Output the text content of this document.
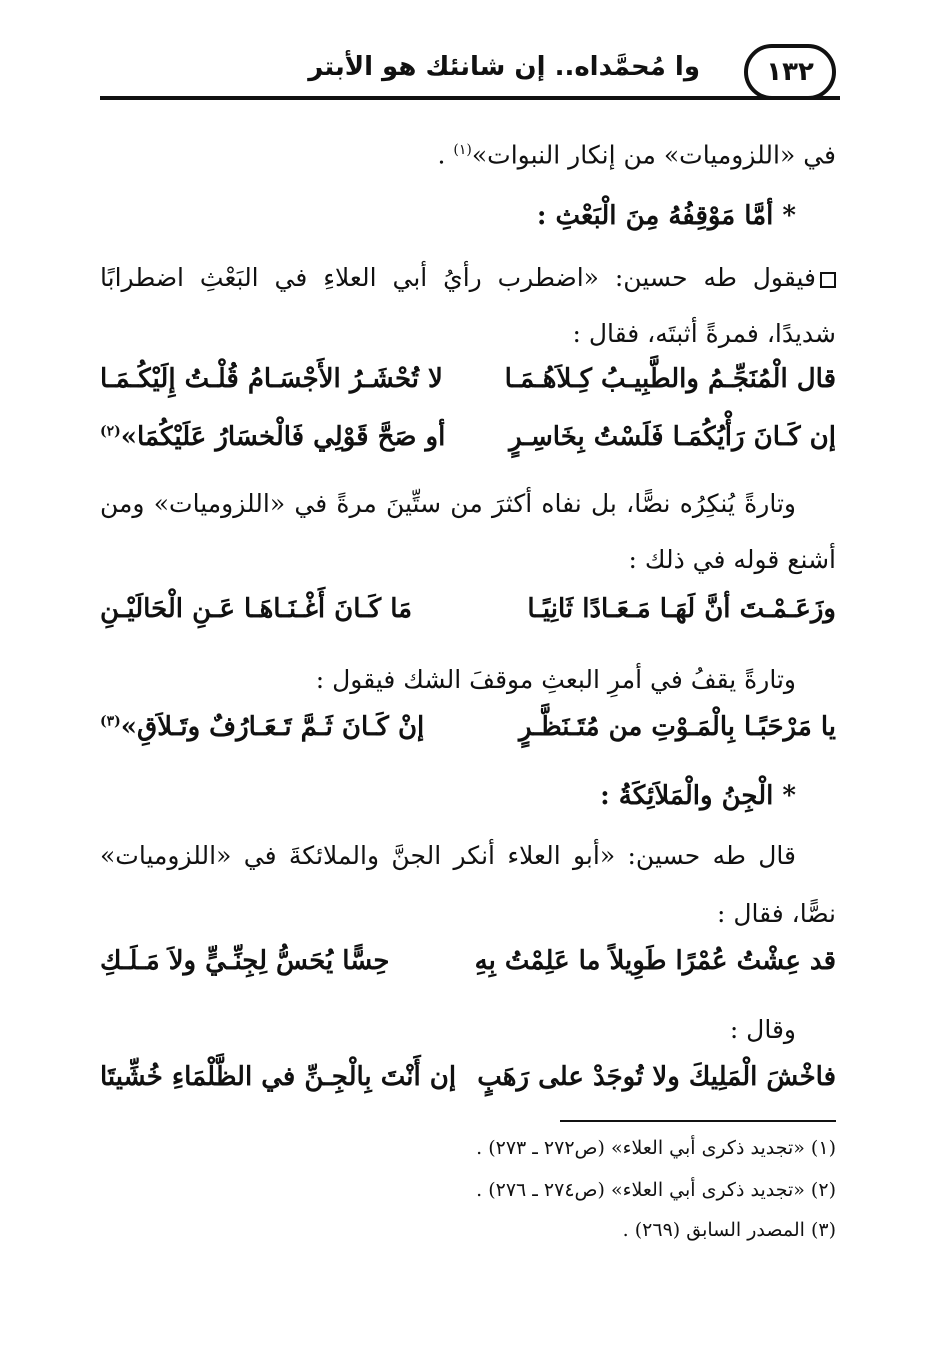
١٣٢
وا مُحمَّداه.. إن شانئك هو الأبتر
في «اللزوميات» من إنكار النبوات»$^{(١)}$ .
* أمَّا مَوْقِفُهُ مِنَ الْبَعْثِ :
فيقول طه حسين: «اضطرب رأيُ أبي العلاءِ في البَعْثِ اضطرابًا
شديدًا، فمرةً أثبتَه، فقال :
قال الْمُنَجِّـمُ والطَّبِيـبُ كِـلاَهُـمَـا
لا تُحْشَـرُ الأَجْسَـامُ قُلْـتُ إِلَيْكُـمَـا
إن كَـانَ رَأْيُكُمَـا فَلَسْتُ بِخَاسِـرٍ
أو صَحَّ قَوْلِي فَالْخسَارُ عَلَيْكُمَا»$^{(٢)}$
وتارةً يُنكِرُه نصًّا، بل نفاه أكثرَ من ستِّينَ مرةً في «اللزوميات» ومن
أشنع قوله في ذلك :
وزَعَـمْـتَ أنَّ لَهَـا مَـعَـادًا ثَانِيًـا
مَا كَـانَ أَغْـنَـاهَـا عَـنِ الْحَالَيْـنِ
وتارةً يقفُ في أمرِ البعثِ موقفَ الشك فيقول :
يا مَرْحَبًـا بِالْمَـوْتِ من مُتَـنَظَّـرٍ
إنْ كَـانَ ثَـمَّ تَـعَـارُفٌ وتَـلاَقِ»$^{(٣)}$
* الْجِنُ والْمَلاَئِكَةُ :
قال طه حسين: «أبو العلاء أنكر الجنَّ والملائكةَ في «اللزوميات»
نصًّا، فقال :
قد عِشْتُ عُمْرًا طَوِيلاً ما عَلِمْتُ بِهِ
حِسًّا يُحَسُّ لِجِنِّـيٍّ ولاَ مَـلَـكِ
وقال :
فاخْشَ الْمَلِيكَ ولا تُوجَدْ على رَهَبٍ
إن أَنْتَ بِالْجِـنِّ في الظَّلْمَاءِ خُشِّيتَا
(١) «تجديد ذكرى أبي العلاء» (ص٢٧٢ ـ ٢٧٣) .
(٢) «تجديد ذكرى أبي العلاء» (ص٢٧٤ ـ ٢٧٦) .
(٣) المصدر السابق (٢٦٩) .
